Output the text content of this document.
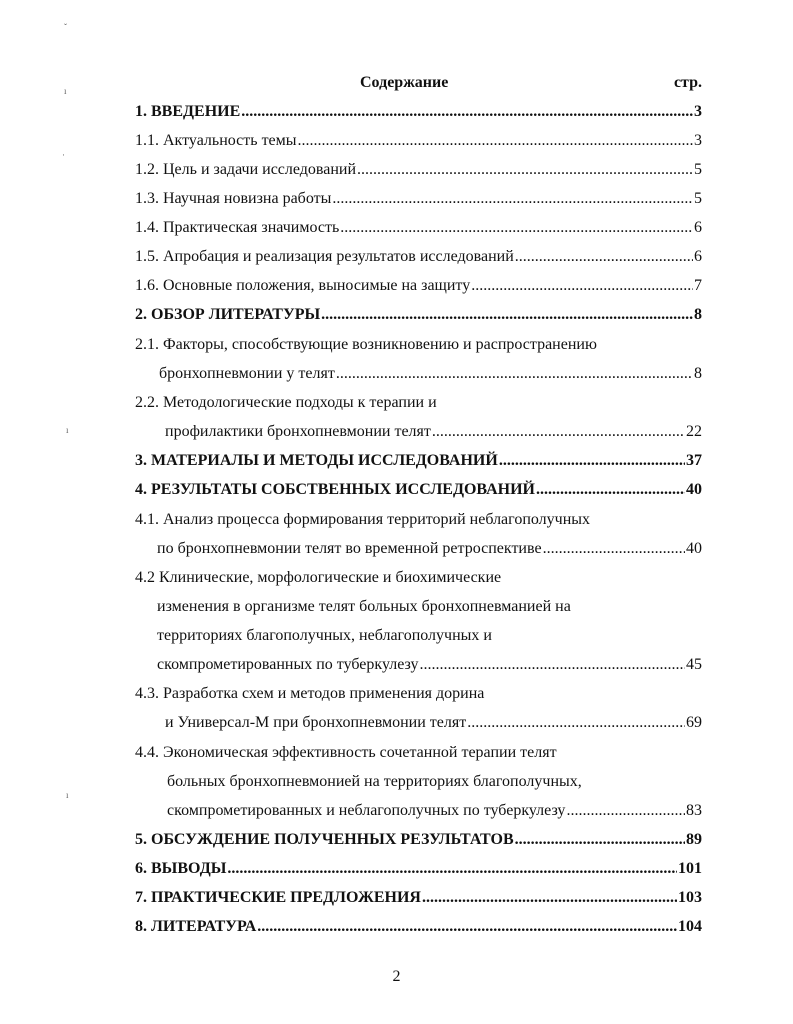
Содержание	стр.
1. ВВЕДЕНИЕ .....	3
1.1. Актуальность темы .....	3
1.2. Цель и задачи исследований .....	5
1.3. Научная новизна работы .....	5
1.4. Практическая значимость .....	6
1.5. Апробация и реализация результатов исследований .....	6
1.6. Основные положения, выносимые на защиту .....	7
2. ОБЗОР ЛИТЕРАТУРЫ .....	8
2.1. Факторы, способствующие возникновению и распространению
бронхопневмонии у телят .....	8
2.2. Методологические подходы к терапии и
профилактики бронхопневмонии телят .....	22
3. МАТЕРИАЛЫ И МЕТОДЫ ИССЛЕДОВАНИЙ .....	37
4. РЕЗУЛЬТАТЫ СОБСТВЕННЫХ ИССЛЕДОВАНИЙ .....	40
4.1. Анализ процесса формирования территорий неблагополучных
по бронхопневмонии телят во временной ретроспективе .....	40
4.2 Клинические, морфологические и биохимические
изменения в организме телят больных бронхопневманией на
территориях благополучных, неблагополучных и
скомпрометированных по туберкулезу .....	45
4.3. Разработка схем и методов применения дорина
и Универсал-М при бронхопневмонии телят .....	69
4.4. Экономическая эффективность сочетанной терапии телят
больных бронхопневмонией на территориях благополучных,
скомпрометированных и неблагополучных по туберкулезу .....	83
5. ОБСУЖДЕНИЕ ПОЛУЧЕННЫХ РЕЗУЛЬТАТОВ .....	89
6. ВЫВОДЫ .....	101
7. ПРАКТИЧЕСКИЕ ПРЕДЛОЖЕНИЯ .....	103
8. ЛИТЕРАТУРА .....	104
2
ˇ
ı
·
ı
ı
